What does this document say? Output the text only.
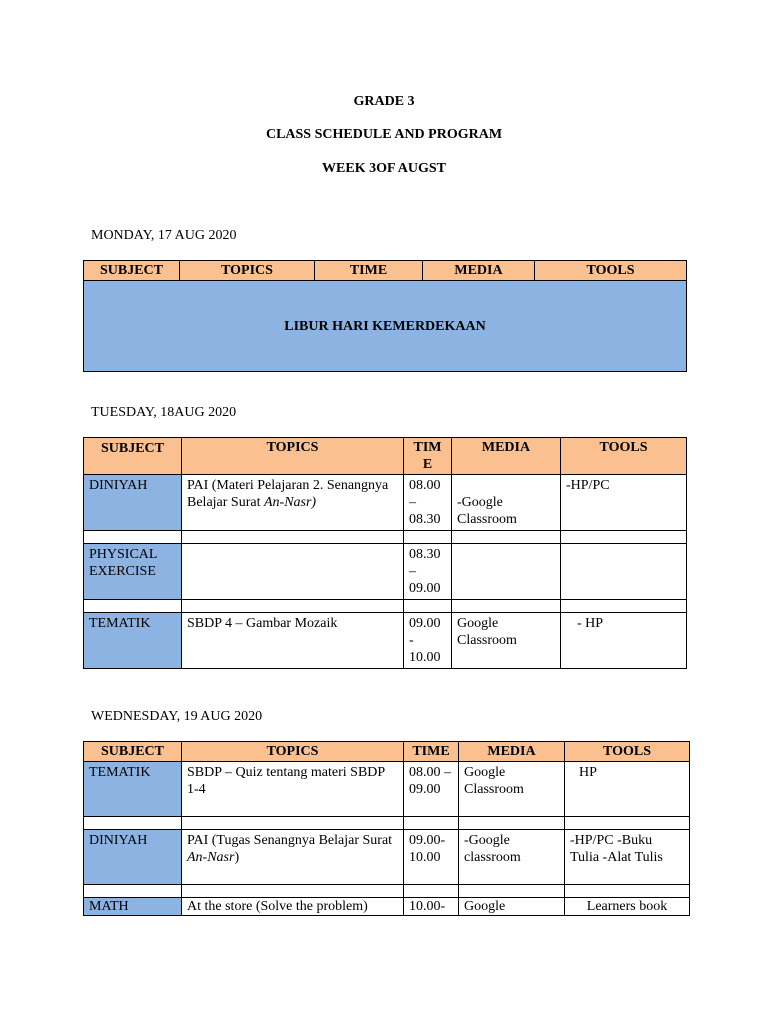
GRADE 3
CLASS SCHEDULE AND PROGRAM
WEEK 3OF AUGST
MONDAY, 17 AUG 2020
SUBJECT	TOPICS	TIME	MEDIA	TOOLS
LIBUR HARI KEMERDEKAAN
TUESDAY, 18AUG 2020
SUBJECT	TOPICS	TIM E	MEDIA	TOOLS
DINIYAH	PAI (Materi Pelajaran 2. Senangnya Belajar Surat An-Nasr)	08.00 – 08.30	-Google Classroom	-HP/PC

PHYSICAL EXERCISE		08.30 – 09.00		

TEMATIK	SBDP 4 – Gambar Mozaik	09.00 - 10.00	Google Classroom	- HP
WEDNESDAY, 19 AUG 2020
SUBJECT	TOPICS	TIME	MEDIA	TOOLS
TEMATIK	SBDP – Quiz tentang materi SBDP 1-4	08.00 – 09.00	Google Classroom	HP

DINIYAH	PAI (Tugas Senangnya Belajar Surat An-Nasr)	09.00-10.00	-Google classroom	-HP/PC -Buku Tulia -Alat Tulis

MATH	At the store (Solve the problem)	10.00-	Google	Learners book
